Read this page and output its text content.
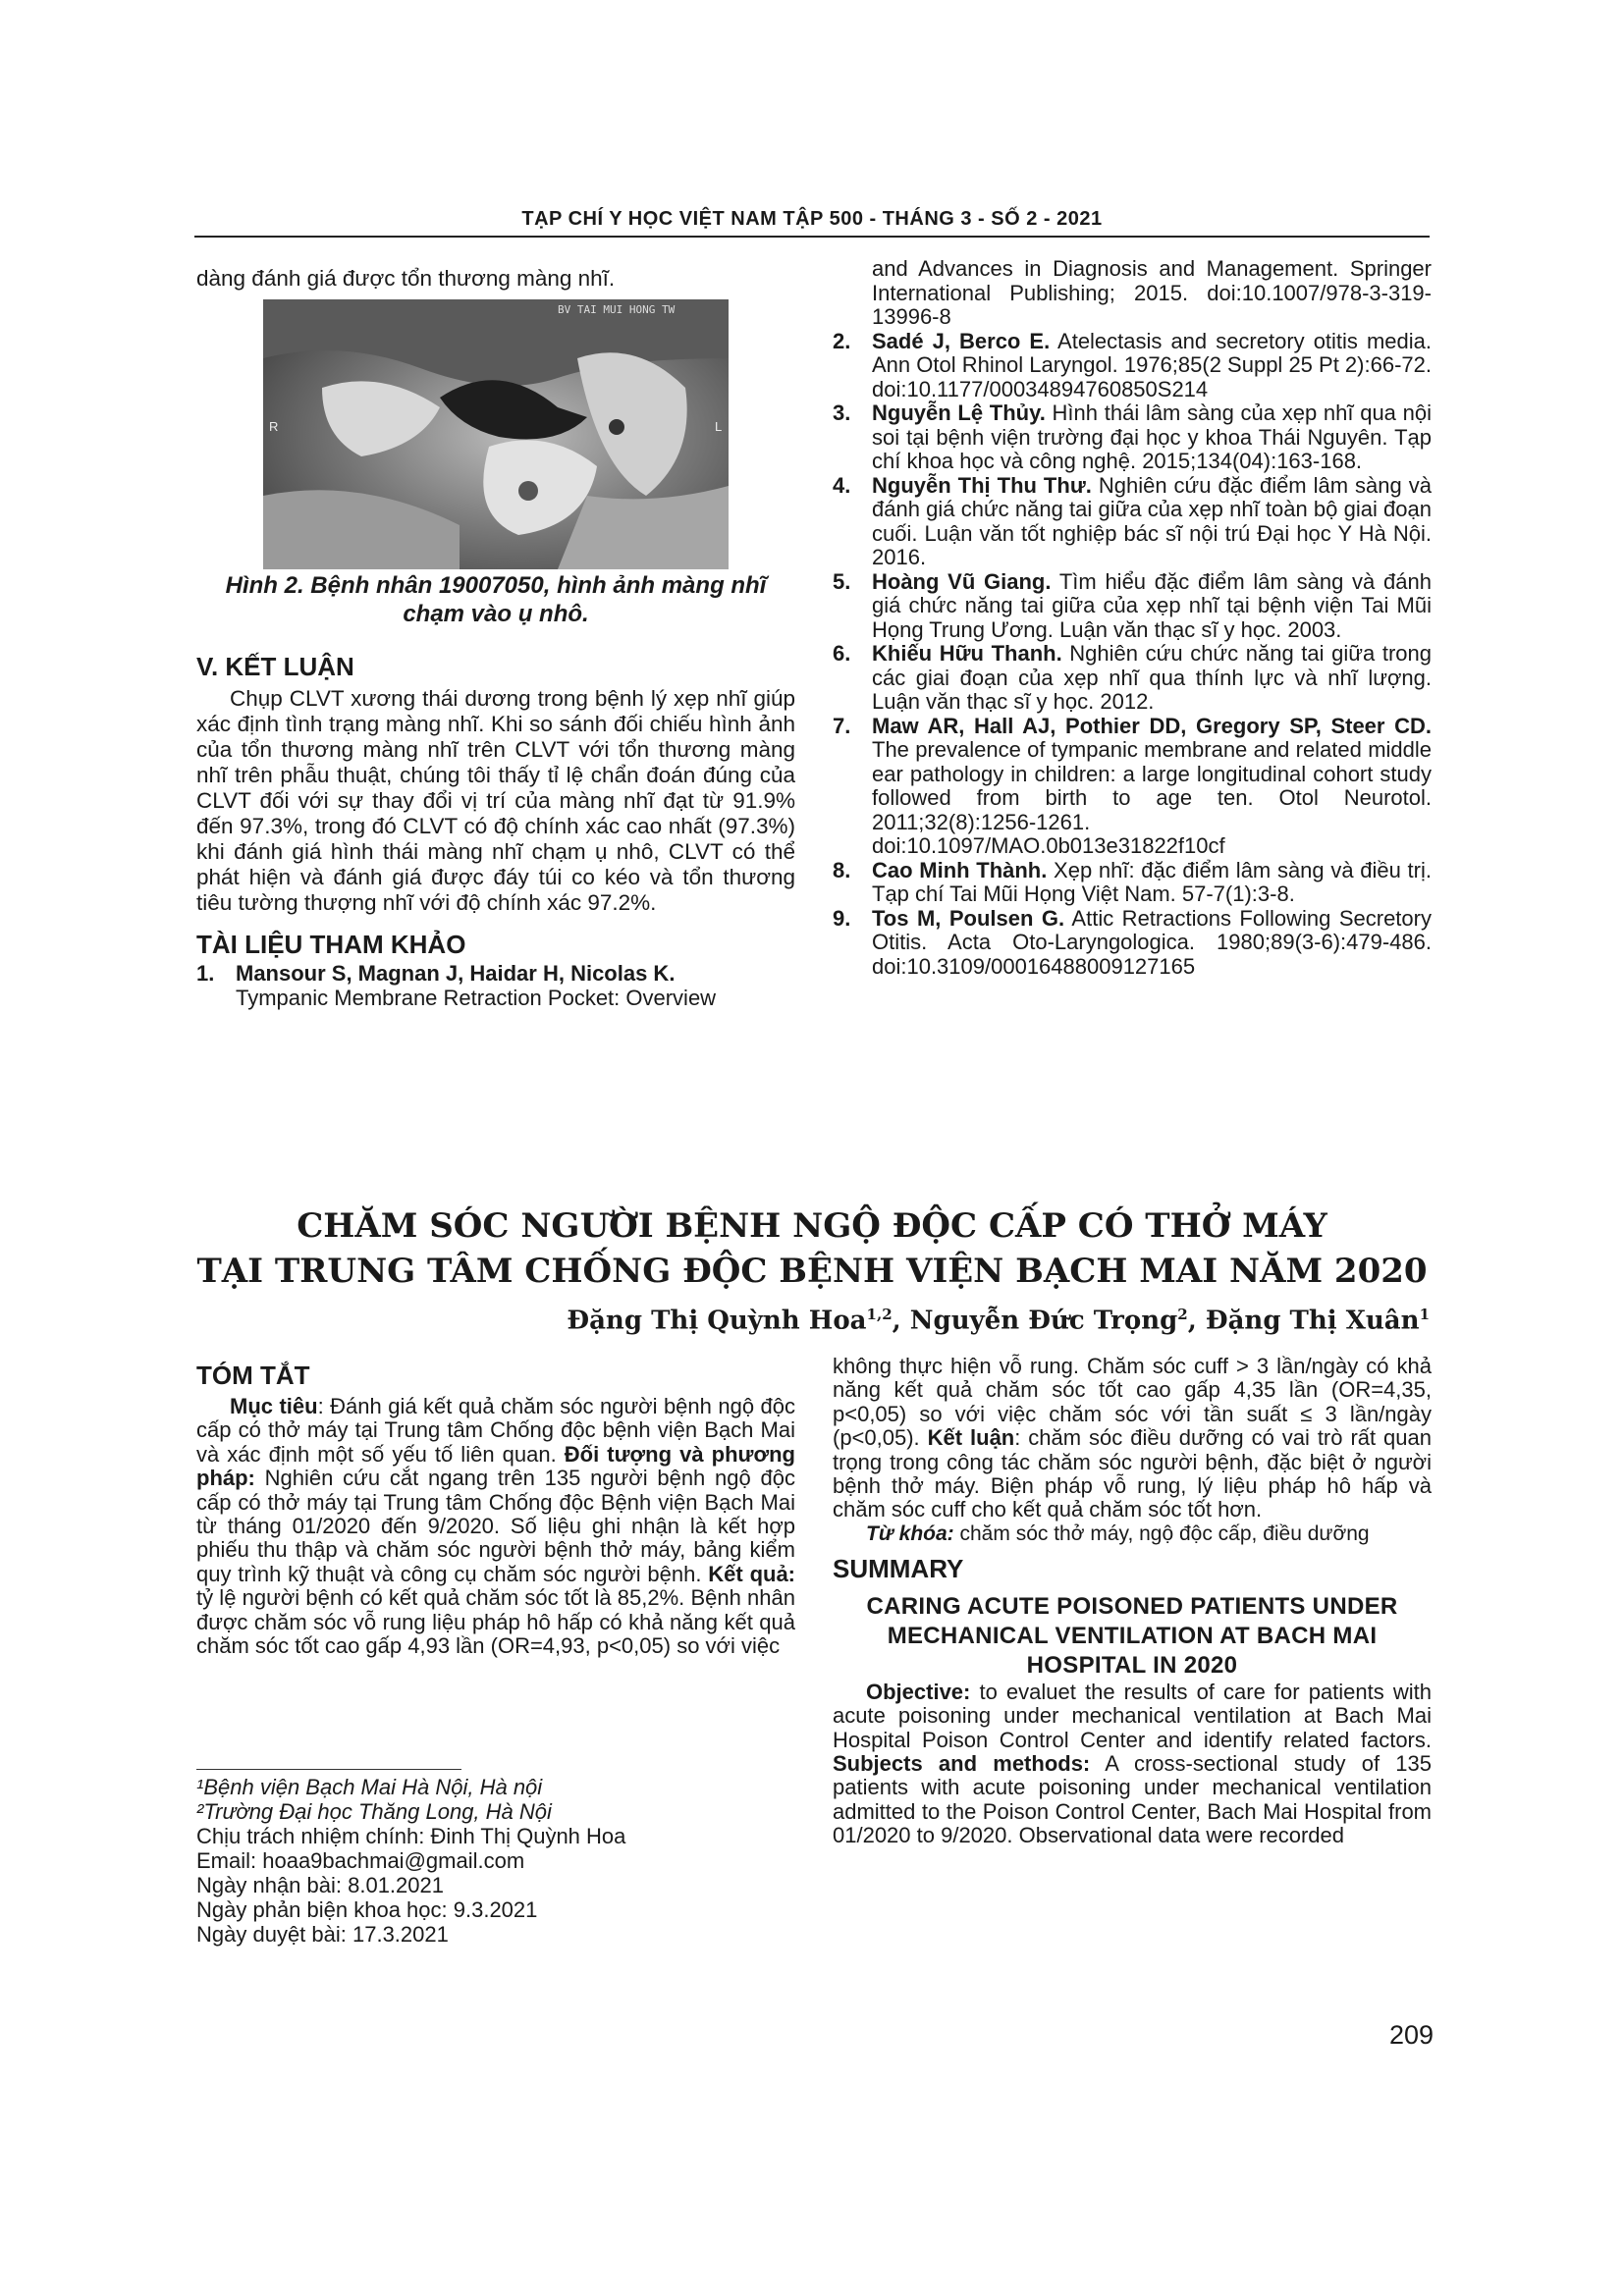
TẠP CHÍ Y HỌC VIỆT NAM TẬP 500 - THÁNG 3 - SỐ 2 - 2021

dàng đánh giá được tổn thương màng nhĩ.

BV TAI MUI HONG TW
R	L
Hình 2. Bệnh nhân 19007050, hình ảnh màng nhĩ chạm vào ụ nhô.

V. KẾT LUẬN

Chụp CLVT xương thái dương trong bệnh lý xẹp nhĩ giúp xác định tình trạng màng nhĩ. Khi so sánh đối chiếu hình ảnh của tổn thương màng nhĩ trên CLVT với tổn thương màng nhĩ trên phẫu thuật, chúng tôi thấy tỉ lệ chẩn đoán đúng của CLVT đối với sự thay đổi vị trí của màng nhĩ đạt từ 91.9% đến 97.3%, trong đó CLVT có độ chính xác cao nhất (97.3%) khi đánh giá hình thái màng nhĩ chạm ụ nhô, CLVT có thể phát hiện và đánh giá được đáy túi co kéo và tổn thương tiêu tường thượng nhĩ với độ chính xác 97.2%.

TÀI LIỆU THAM KHẢO

1. Mansour S, Magnan J, Haidar H, Nicolas K.
Tympanic Membrane Retraction Pocket: Overview
and Advances in Diagnosis and Management. Springer International Publishing; 2015. doi:10.1007/978-3-319-13996-8
2. Sadé J, Berco E. Atelectasis and secretory otitis media. Ann Otol Rhinol Laryngol. 1976;85(2 Suppl 25 Pt 2):66-72. doi:10.1177/00034894760850S214
3. Nguyễn Lệ Thủy. Hình thái lâm sàng của xẹp nhĩ qua nội soi tại bệnh viện trường đại học y khoa Thái Nguyên. Tạp chí khoa học và công nghệ. 2015;134(04):163-168.
4. Nguyễn Thị Thu Thư. Nghiên cứu đặc điểm lâm sàng và đánh giá chức năng tai giữa của xẹp nhĩ toàn bộ giai đoạn cuối. Luận văn tốt nghiệp bác sĩ nội trú Đại học Y Hà Nội. 2016.
5. Hoàng Vũ Giang. Tìm hiểu đặc điểm lâm sàng và đánh giá chức năng tai giữa của xẹp nhĩ tại bệnh viện Tai Mũi Họng Trung Ương. Luận văn thạc sĩ y học. 2003.
6. Khiếu Hữu Thanh. Nghiên cứu chức năng tai giữa trong các giai đoạn của xẹp nhĩ qua thính lực và nhĩ lượng. Luận văn thạc sĩ y học. 2012.
7. Maw AR, Hall AJ, Pothier DD, Gregory SP, Steer CD. The prevalence of tympanic membrane and related middle ear pathology in children: a large longitudinal cohort study followed from birth to age ten. Otol Neurotol. 2011;32(8):1256-1261. doi:10.1097/MAO.0b013e31822f10cf
8. Cao Minh Thành. Xẹp nhĩ: đặc điểm lâm sàng và điều trị. Tạp chí Tai Mũi Họng Việt Nam. 57-7(1):3-8.
9. Tos M, Poulsen G. Attic Retractions Following Secretory Otitis. Acta Oto-Laryngologica. 1980;89(3-6):479-486. doi:10.3109/00016488009127165
CHĂM SÓC NGƯỜI BỆNH NGỘ ĐỘC CẤP CÓ THỞ MÁY
TẠI TRUNG TÂM CHỐNG ĐỘC BỆNH VIỆN BẠCH MAI NĂM 2020
Đặng Thị Quỳnh Hoa$^{1,2}$, Nguyễn Đức Trọng$^2$, Đặng Thị Xuân$^1$

TÓM TẮT

Mục tiêu: Đánh giá kết quả chăm sóc người bệnh ngộ độc cấp có thở máy tại Trung tâm Chống độc bệnh viện Bạch Mai và xác định một số yếu tố liên quan. Đối tượng và phương pháp: Nghiên cứu cắt ngang trên 135 người bệnh ngộ độc cấp có thở máy tại Trung tâm Chống độc Bệnh viện Bạch Mai từ tháng 01/2020 đến 9/2020. Số liệu ghi nhận là kết hợp phiếu thu thập và chăm sóc người bệnh thở máy, bảng kiểm quy trình kỹ thuật và công cụ chăm sóc người bệnh. Kết quả: tỷ lệ người bệnh có kết quả chăm sóc tốt là 85,2%. Bệnh nhân được chăm sóc vỗ rung liệu pháp hô hấp có khả năng kết quả chăm sóc tốt cao gấp 4,93 lần (OR=4,93, p<0,05) so với việc

không thực hiện vỗ rung. Chăm sóc cuff > 3 lần/ngày có khả năng kết quả chăm sóc tốt cao gấp 4,35 lần (OR=4,35, p<0,05) so với việc chăm sóc với tần suất ≤ 3 lần/ngày (p<0,05). Kết luận: chăm sóc điều dưỡng có vai trò rất quan trọng trong công tác chăm sóc người bệnh, đặc biệt ở người bệnh thở máy. Biện pháp vỗ rung, lý liệu pháp hô hấp và chăm sóc cuff cho kết quả chăm sóc tốt hơn.

Từ khóa: chăm sóc thở máy, ngộ độc cấp, điều dưỡng

SUMMARY

CARING ACUTE POISONED PATIENTS UNDER MECHANICAL VENTILATION AT BACH MAI HOSPITAL IN 2020

Objective: to evaluet the results of care for patients with acute poisoning under mechanical ventilation at Bach Mai Hospital Poison Control Center and identify related factors. Subjects and methods: A cross-sectional study of 135 patients with acute poisoning under mechanical ventilation admitted to the Poison Control Center, Bach Mai Hospital from 01/2020 to 9/2020. Observational data were recorded

¹Bệnh viện Bạch Mai Hà Nội, Hà nội
²Trường Đại học Thăng Long, Hà Nội
Chịu trách nhiệm chính: Đinh Thị Quỳnh Hoa
Email: hoaa9bachmai@gmail.com
Ngày nhận bài: 8.01.2021
Ngày phản biện khoa học: 9.3.2021
Ngày duyệt bài: 17.3.2021
209
